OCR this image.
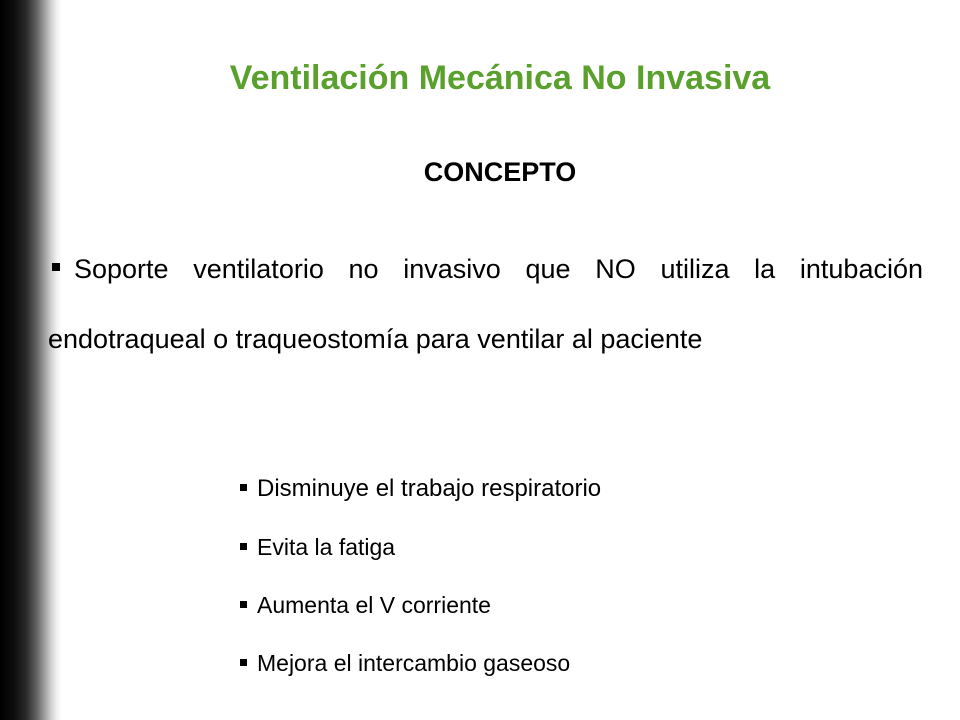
Ventilación Mecánica No Invasiva
CONCEPTO
Soporte ventilatorio no invasivo que NO utiliza la intubación endotraqueal o traqueostomía para ventilar al paciente
Disminuye el trabajo respiratorio
Evita la fatiga
Aumenta el V corriente
Mejora el intercambio gaseoso
